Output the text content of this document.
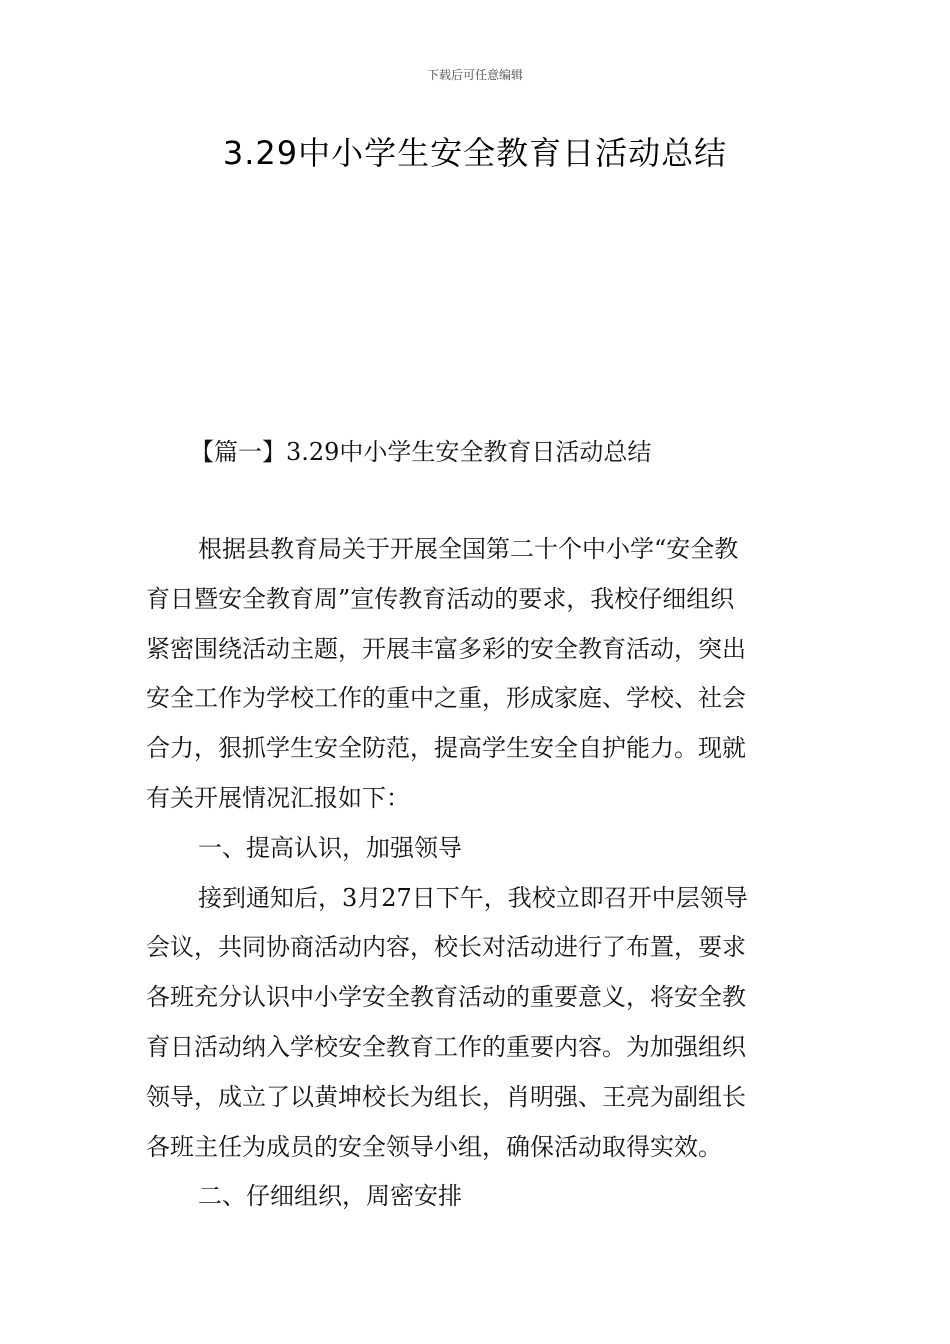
下载后可任意编辑
3.29中小学生安全教育日活动总结
【篇一】3.29中小学生安全教育日活动总结
根据县教育局关于开展全国第二十个中小学“安全教
育日暨安全教育周”宣传教育活动的要求，我校仔细组织
紧密围绕活动主题，开展丰富多彩的安全教育活动，突出
安全工作为学校工作的重中之重，形成家庭、学校、社会
合力，狠抓学生安全防范，提高学生安全自护能力。现就
有关开展情况汇报如下：
一、提高认识，加强领导
接到通知后，3月27日下午，我校立即召开中层领导
会议，共同协商活动内容，校长对活动进行了布置，要求
各班充分认识中小学安全教育活动的重要意义，将安全教
育日活动纳入学校安全教育工作的重要内容。为加强组织
领导，成立了以黄坤校长为组长，肖明强、王亮为副组长
各班主任为成员的安全领导小组，确保活动取得实效。
二、仔细组织，周密安排
